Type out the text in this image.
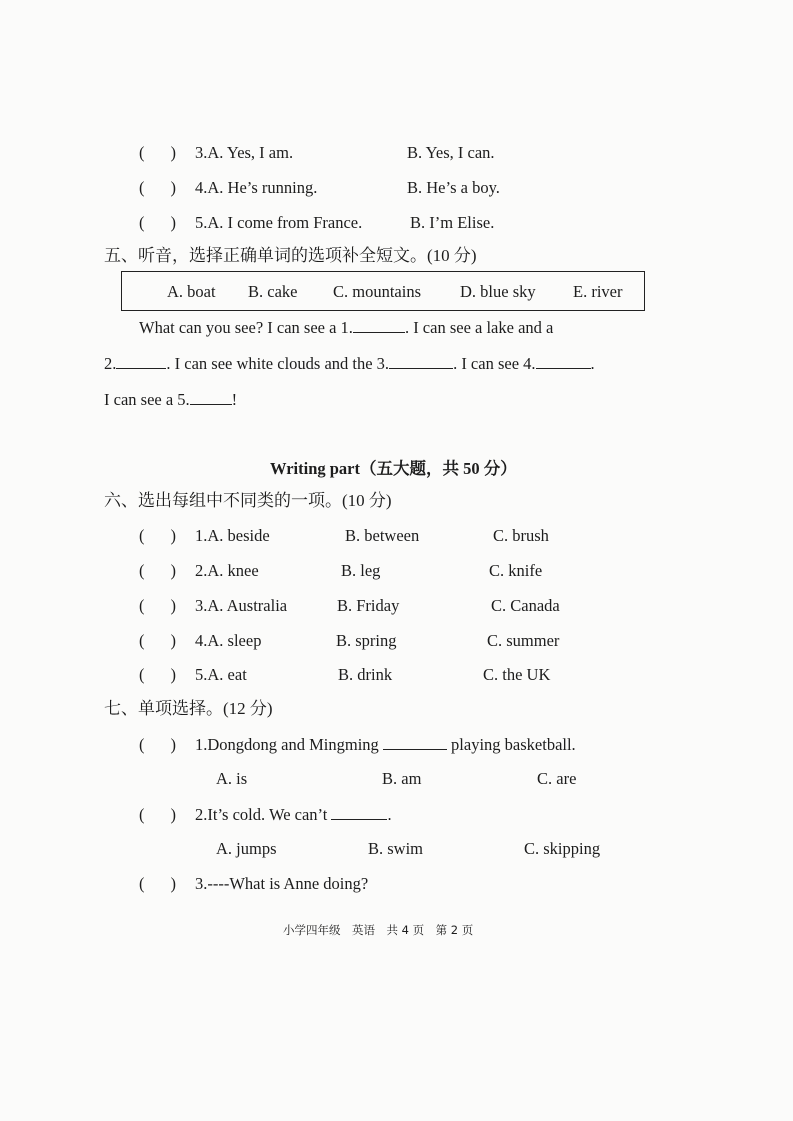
( ) 3.A. Yes, I am.	B. Yes, I can.
( ) 4.A. He’s running.	B. He’s a boy.
( ) 5.A. I come from France.	B. I’m Elise.
五、听音，选择正确单词的选项补全短文。(10 分)
A. boat B. cake C. mountains D. blue sky E. river
What can you see? I can see a 1.	. I can see a lake and a
2.	. I can see white clouds and the 3.	. I can see 4.	.
I can see a 5.	!
Writing part（五大题，共 50 分）
六、选出每组中不同类的一项。(10 分)
( ) 1.A. beside	B. between	C. brush
( ) 2.A. knee	B. leg	C. knife
( ) 3.A. Australia	B. Friday	C. Canada
( ) 4.A. sleep	B. spring	C. summer
( ) 5.A. eat	B. drink	C. the UK
七、单项选择。(12 分)
( ) 1.Dongdong and Mingming	playing basketball.
A. is	B. am	C. are
( ) 2.It’s cold. We can’t	.
A. jumps	B. swim	C. skipping
( ) 3.----What is Anne doing?
小学四年级　英语　共 4 页　第 2 页
